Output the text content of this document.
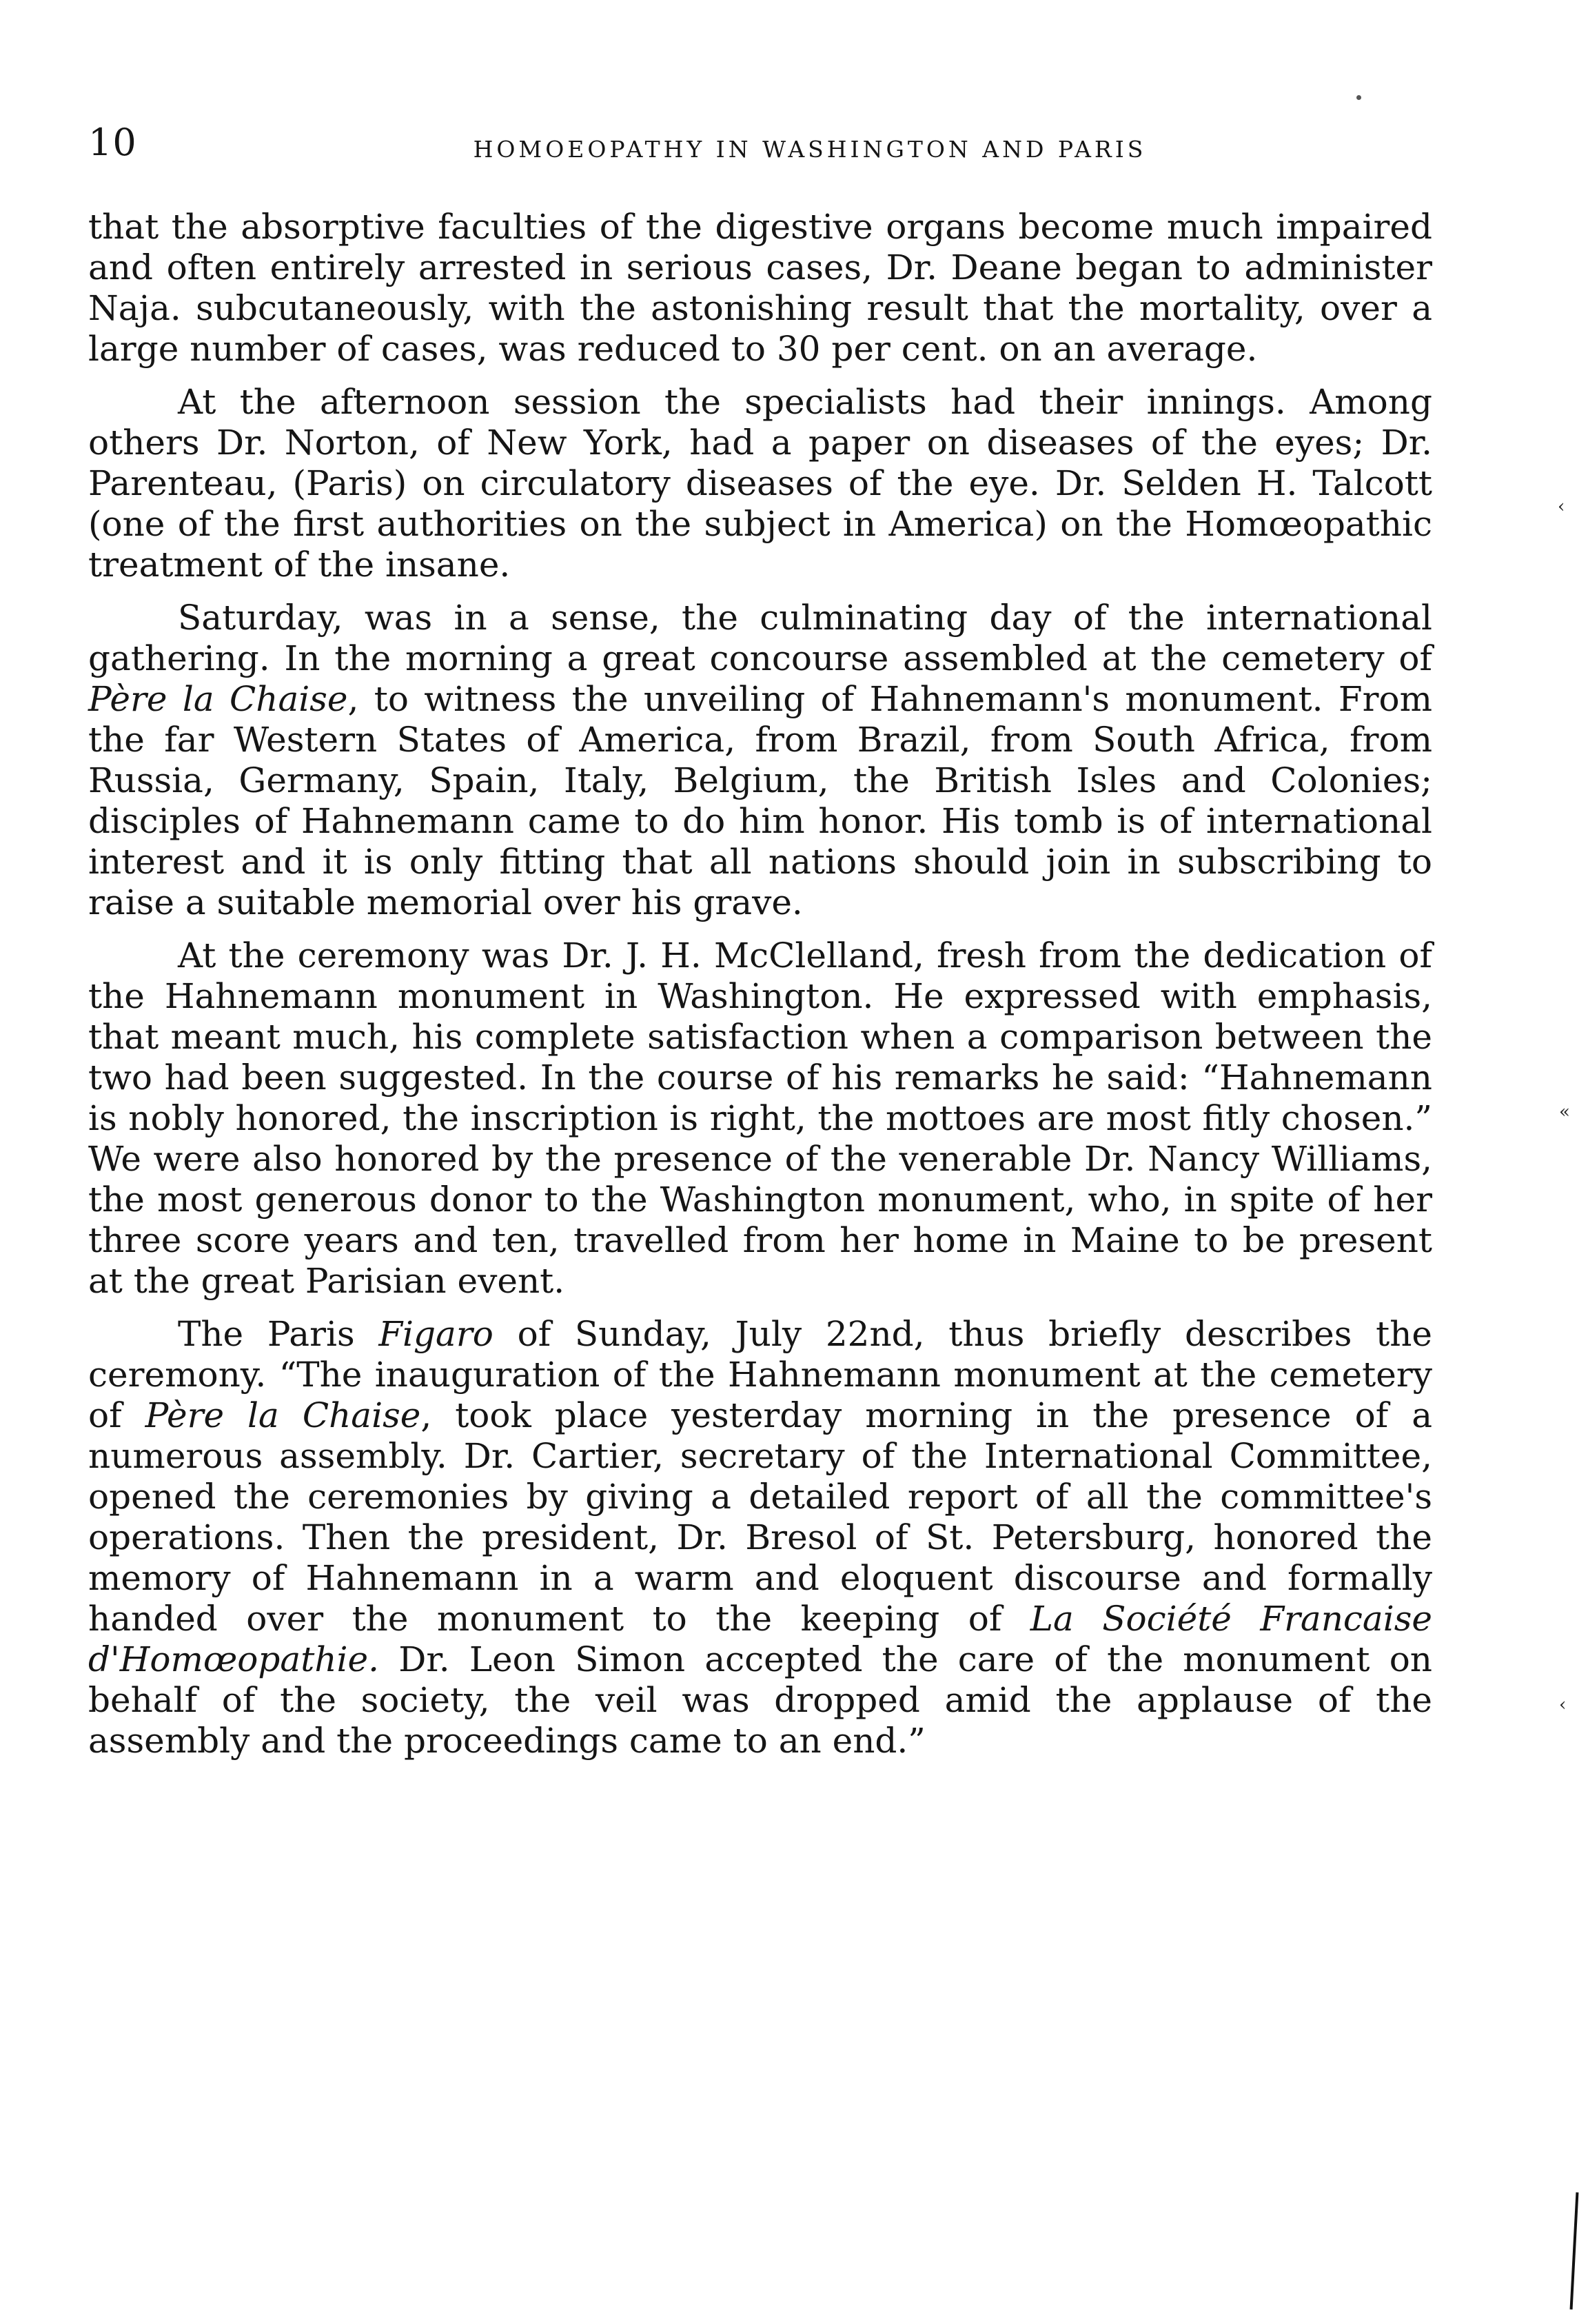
10	HOMOEOPATHY IN WASHINGTON AND PARIS

that the absorptive faculties of the digestive organs become much impaired and often entirely arrested in serious cases, Dr. Deane began to administer Naja. subcutaneously, with the astonishing result that the mortality, over a large number of cases, was reduced to 30 per cent. on an average.

At the afternoon session the specialists had their innings. Among others Dr. Norton, of New York, had a paper on diseases of the eyes; Dr. Parenteau, (Paris) on circulatory diseases of the eye. Dr. Selden H. Talcott (one of the first authorities on the subject in America) on the Homœopathic treatment of the insane.

Saturday, was in a sense, the culminating day of the international gathering. In the morning a great concourse assembled at the cemetery of Père la Chaise, to witness the unveiling of Hahnemann's monument. From the far Western States of America, from Brazil, from South Africa, from Russia, Germany, Spain, Italy, Belgium, the British Isles and Colonies; disciples of Hahnemann came to do him honor. His tomb is of international interest and it is only fitting that all nations should join in subscribing to raise a suitable memorial over his grave.

At the ceremony was Dr. J. H. McClelland, fresh from the dedication of the Hahnemann monument in Washington. He expressed with emphasis, that meant much, his complete satisfaction when a comparison between the two had been suggested. In the course of his remarks he said: “Hahnemann is nobly honored, the inscription is right, the mottoes are most fitly chosen.” We were also honored by the presence of the venerable Dr. Nancy Williams, the most generous donor to the Washington monument, who, in spite of her three score years and ten, travelled from her home in Maine to be present at the great Parisian event.

The Paris Figaro of Sunday, July 22nd, thus briefly describes the ceremony. “The inauguration of the Hahnemann monument at the cemetery of Père la Chaise, took place yesterday morning in the presence of a numerous assembly. Dr. Cartier, secretary of the International Committee, opened the ceremonies by giving a detailed report of all the committee's operations. Then the president, Dr. Bresol of St. Petersburg, honored the memory of Hahnemann in a warm and eloquent discourse and formally handed over the monument to the keeping of La Société Francaise d'Homœopathie. Dr. Leon Simon accepted the care of the monument on behalf of the society, the veil was dropped amid the applause of the assembly and the proceedings came to an end.”

‹
«
‹
